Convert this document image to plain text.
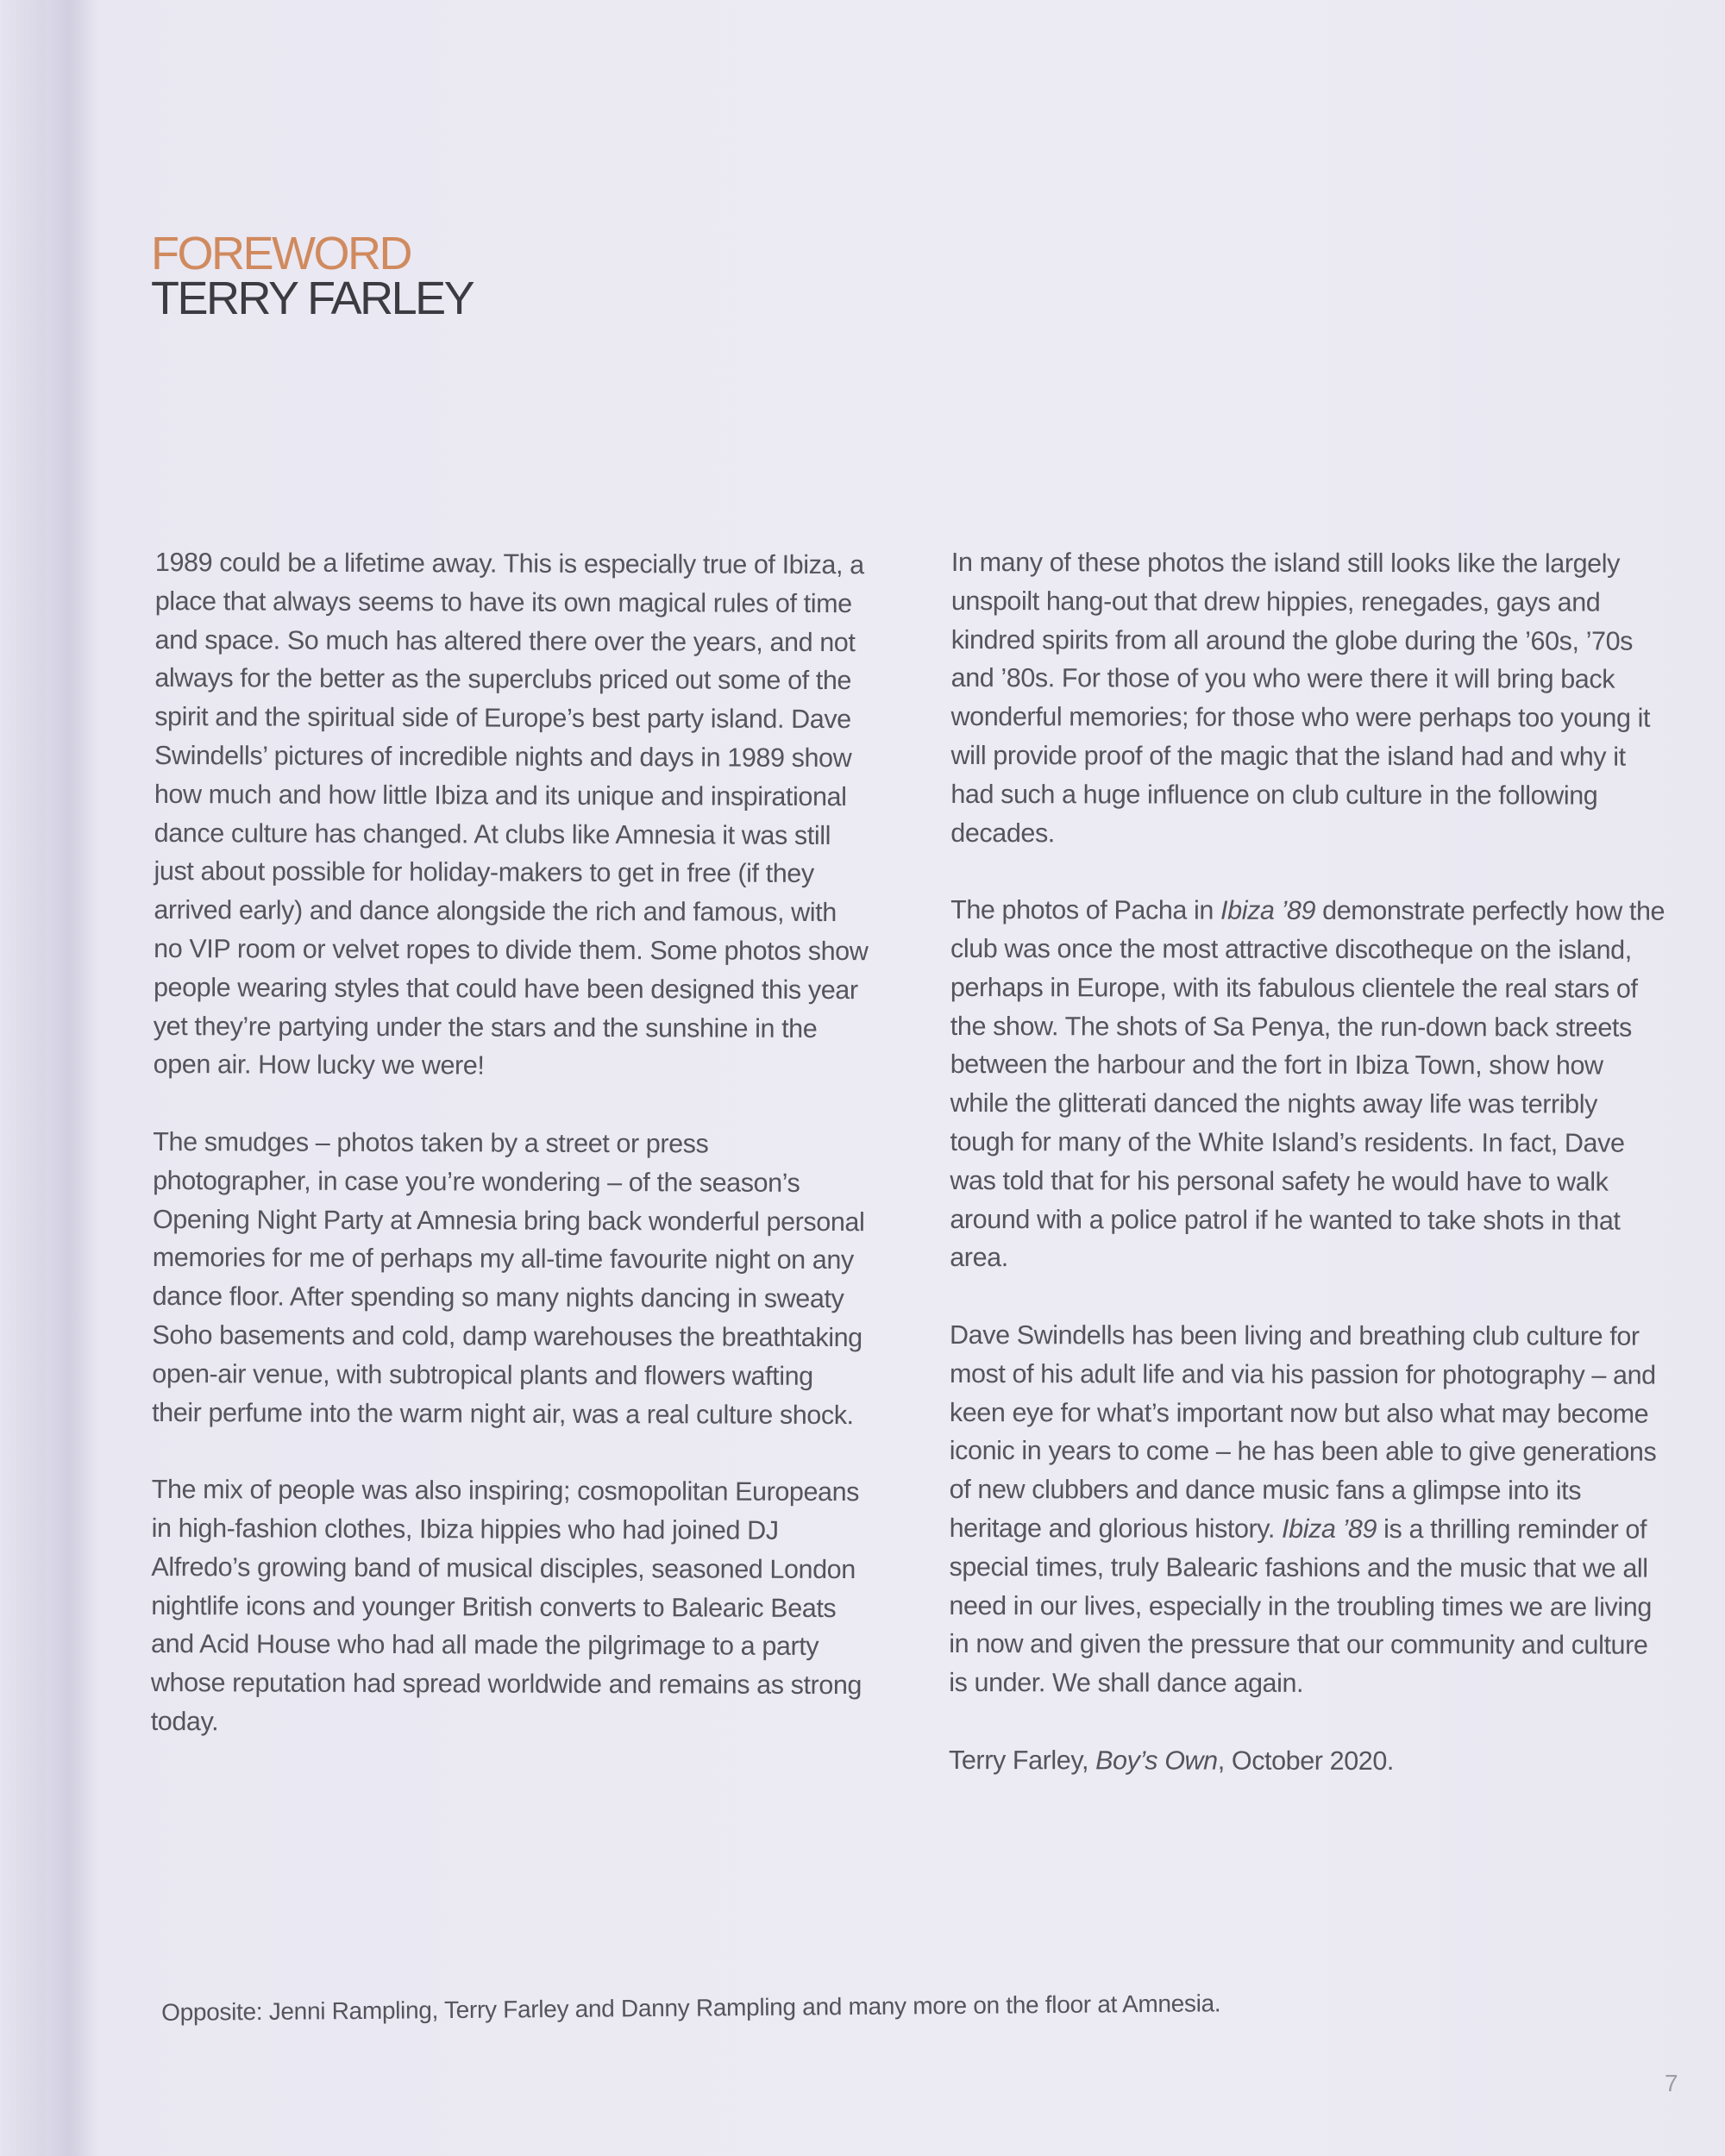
FOREWORD
TERRY FARLEY

1989 could be a lifetime away. This is especially true of Ibiza, a place that always seems to have its own magical rules of time and space. So much has altered there over the years, and not always for the better as the superclubs priced out some of the spirit and the spiritual side of Europe’s best party island. Dave Swindells’ pictures of incredible nights and days in 1989 show how much and how little Ibiza and its unique and inspirational dance culture has changed. At clubs like Amnesia it was still just about possible for holiday-makers to get in free (if they arrived early) and dance alongside the rich and famous, with no VIP room or velvet ropes to divide them. Some photos show people wearing styles that could have been designed this year yet they’re partying under the stars and the sunshine in the open air. How lucky we were!

The smudges – photos taken by a street or press photographer, in case you’re wondering – of the season’s Opening Night Party at Amnesia bring back wonderful personal memories for me of perhaps my all-time favourite night on any dance floor. After spending so many nights dancing in sweaty Soho basements and cold, damp warehouses the breathtaking open-air venue, with subtropical plants and flowers wafting their perfume into the warm night air, was a real culture shock.

The mix of people was also inspiring; cosmopolitan Europeans in high-fashion clothes, Ibiza hippies who had joined DJ Alfredo’s growing band of musical disciples, seasoned London nightlife icons and younger British converts to Balearic Beats and Acid House who had all made the pilgrimage to a party whose reputation had spread worldwide and remains as strong today.

In many of these photos the island still looks like the largely unspoilt hang-out that drew hippies, renegades, gays and kindred spirits from all around the globe during the ’60s, ’70s and ’80s. For those of you who were there it will bring back wonderful memories; for those who were perhaps too young it will provide proof of the magic that the island had and why it had such a huge influence on club culture in the following decades.

The photos of Pacha in Ibiza ’89 demonstrate perfectly how the club was once the most attractive discotheque on the island, perhaps in Europe, with its fabulous clientele the real stars of the show. The shots of Sa Penya, the run-down back streets between the harbour and the fort in Ibiza Town, show how while the glitterati danced the nights away life was terribly tough for many of the White Island’s residents. In fact, Dave was told that for his personal safety he would have to walk around with a police patrol if he wanted to take shots in that area.

Dave Swindells has been living and breathing club culture for most of his adult life and via his passion for photography – and keen eye for what’s important now but also what may become iconic in years to come – he has been able to give generations of new clubbers and dance music fans a glimpse into its heritage and glorious history. Ibiza ’89 is a thrilling reminder of special times, truly Balearic fashions and the music that we all need in our lives, especially in the troubling times we are living in now and given the pressure that our community and culture is under. We shall dance again.

Terry Farley, Boy’s Own, October 2020.

Opposite: Jenni Rampling, Terry Farley and Danny Rampling and many more on the floor at Amnesia.
7
